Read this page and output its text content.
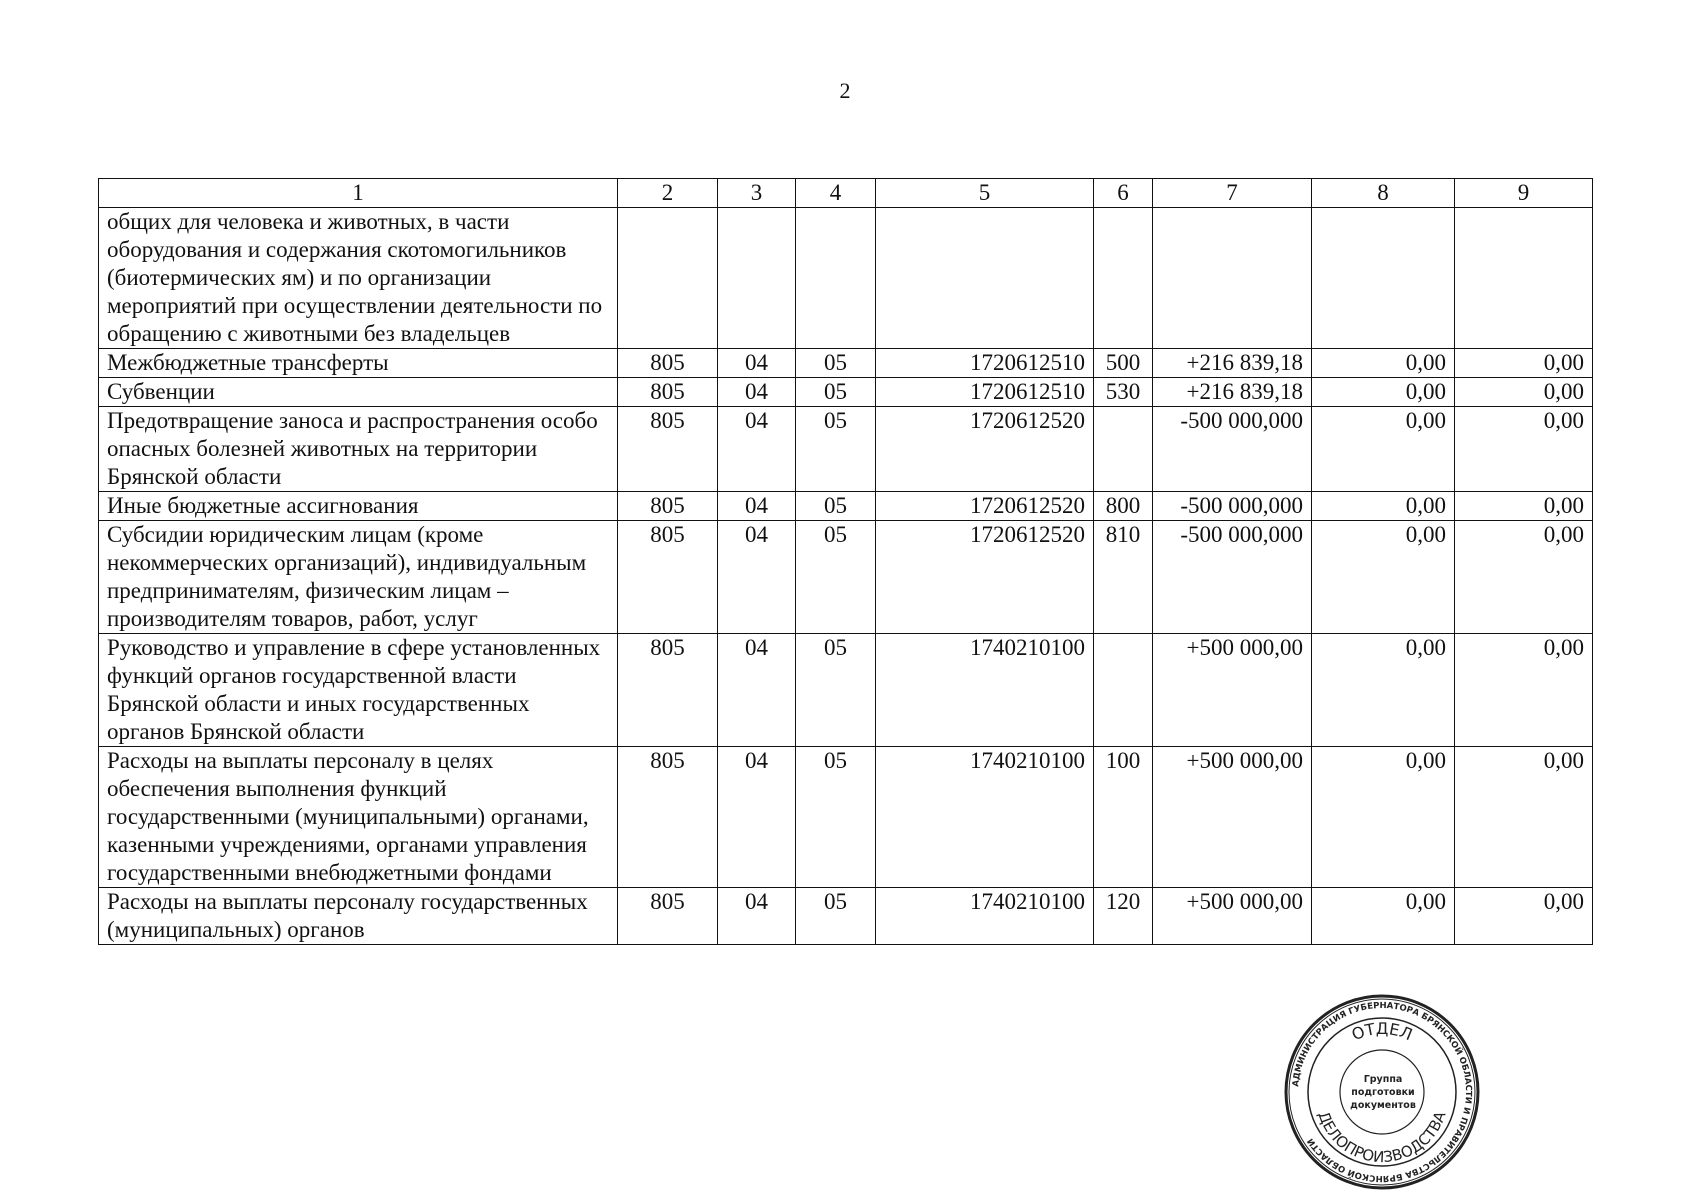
2
1	2	3	4	5	6	7	8	9
общих для человека и животных, в части оборудования и содержания скотомогильников (биотермических ям) и по организации мероприятий при осуществлении деятельности по обращению с животными без владельцев								
Межбюджетные трансферты	805	04	05	1720612510	500	+216 839,18	0,00	0,00
Субвенции	805	04	05	1720612510	530	+216 839,18	0,00	0,00
Предотвращение заноса и распространения особо опасных болезней животных на территории Брянской области	805	04	05	1720612520		-500 000,000	0,00	0,00
Иные бюджетные ассигнования	805	04	05	1720612520	800	-500 000,000	0,00	0,00
Субсидии юридическим лицам (кроме некоммерческих организаций), индивидуальным предпринимателям, физическим лицам – производителям товаров, работ, услуг	805	04	05	1720612520	810	-500 000,000	0,00	0,00
Руководство и управление в сфере установленных функций органов государственной власти Брянской области и иных государственных органов Брянской области	805	04	05	1740210100		+500 000,00	0,00	0,00
Расходы на выплаты персоналу в целях обеспечения выполнения функций государственными (муниципальными) органами, казенными учреждениями, органами управления государственными внебюджетными фондами	805	04	05	1740210100	100	+500 000,00	0,00	0,00
Расходы на выплаты персоналу государственных (муниципальных) органов	805	04	05	1740210100	120	+500 000,00	0,00	0,00
АДМИНИСТРАЦИЯ ГУБЕРНАТОРА БРЯНСКОЙ ОБЛАСТИ И ПРАВИТЕЛЬСТВА БРЯНСКОЙ ОБЛАСТИ
ОТДЕЛ
ДЕЛОПРОИЗВОДСТВА
Группа
подготовки
документов
